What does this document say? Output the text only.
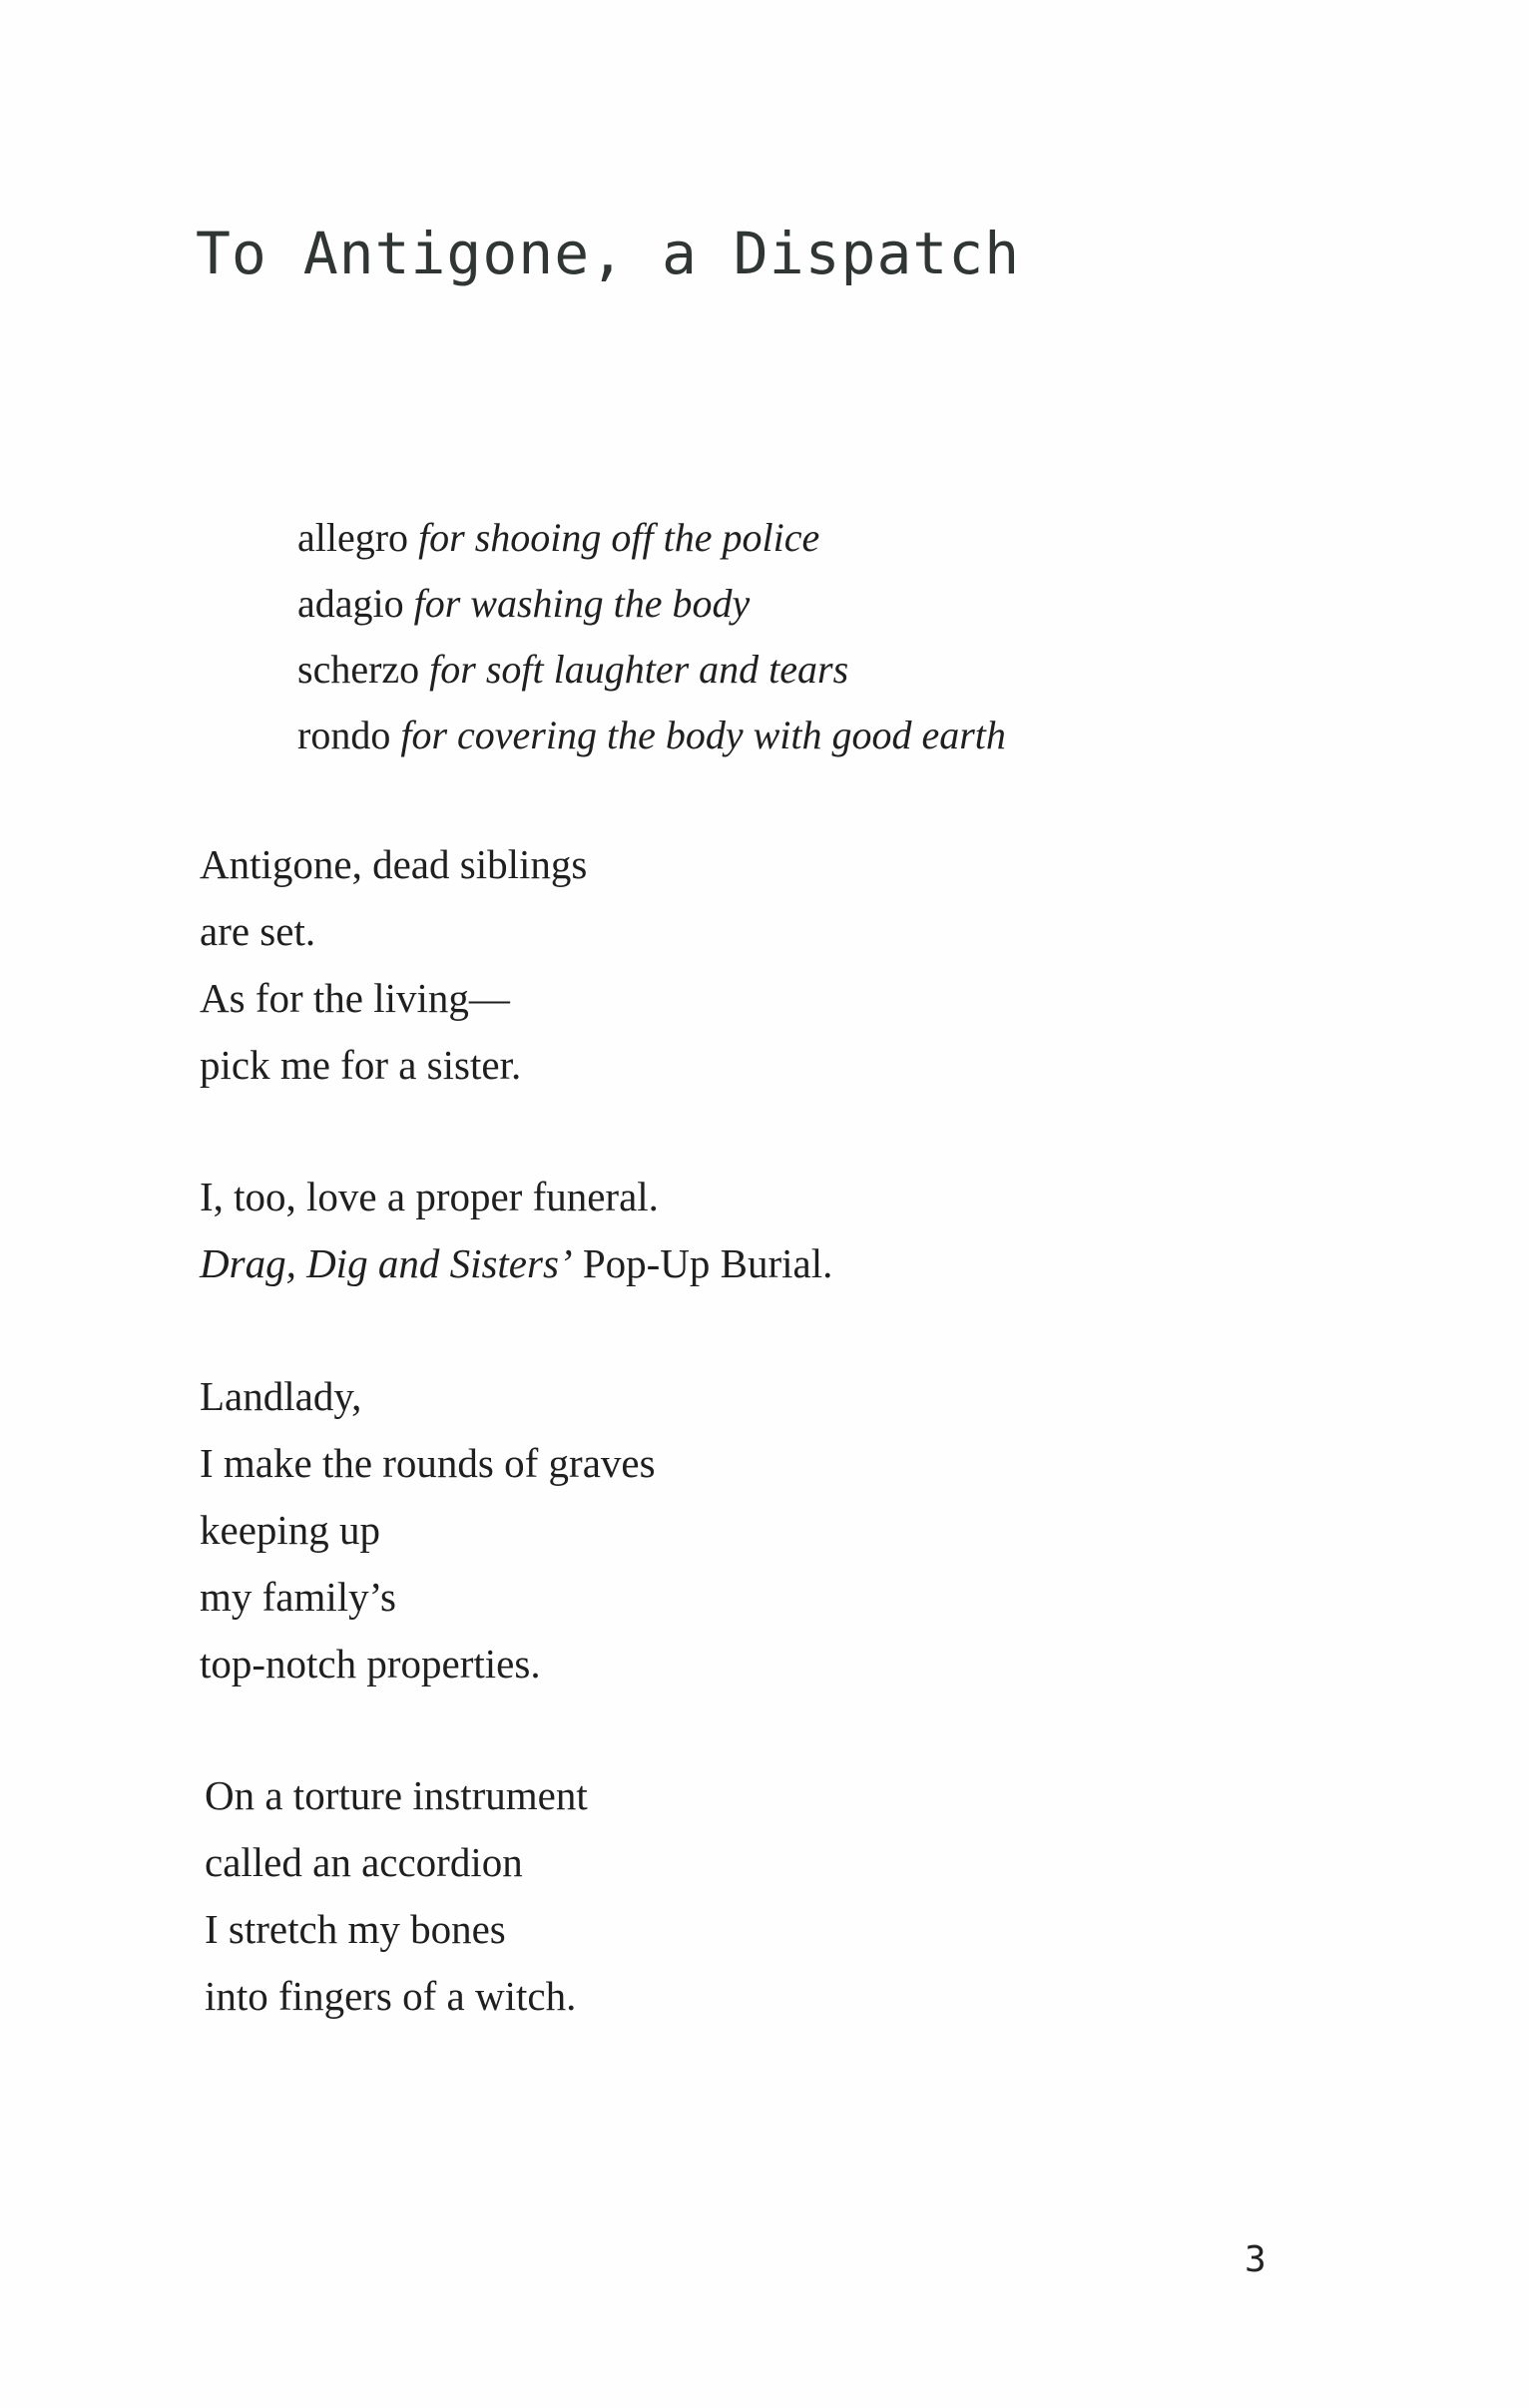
To Antigone, a Dispatch
allegro for shooing off the police
adagio for washing the body
scherzo for soft laughter and tears
rondo for covering the body with good earth
Antigone, dead siblings
are set.
As for the living—
pick me for a sister.
I, too, love a proper funeral.
Drag, Dig and Sisters’ Pop-Up Burial.
Landlady,
I make the rounds of graves
keeping up
my family’s
top-notch properties.
On a torture instrument
called an accordion
I stretch my bones
into fingers of a witch.
3
